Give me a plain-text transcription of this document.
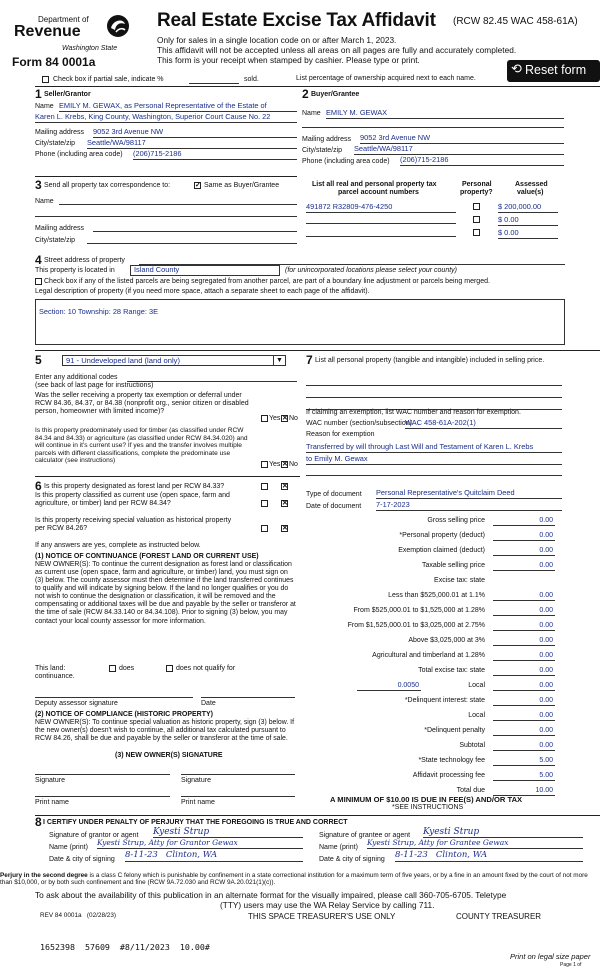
Department of
Revenue
Washington State
Form 84 0001a
Real Estate Excise Tax Affidavit (RCW 82.45 WAC 458-61A)
Only for sales in a single location code on or after March 1, 2023.
This affidavit will not be accepted unless all areas on all pages are fully and accurately completed.
This form is your receipt when stamped by cashier. Please type or print.
⟲ Reset form
Check box if partial sale, indicate %	sold.	List percentage of ownership acquired next to each name.
1 Seller/Grantor
Name EMILY M. GEWAX, as Personal Representative of the Estate of
Karen L. Krebs, King County, Washington, Superior Court Cause No. 22
Mailing address 9052 3rd Avenue NW
City/state/zip Seattle/WA/98117
Phone (including area code) (206)715-2186
2 Buyer/Grantee
Name EMILY M. GEWAX
Mailing address 9052 3rd Avenue NW
City/state/zip Seattle/WA/98117
Phone (including area code) (206)715-2186
3 Send all property tax correspondence to:	✓ Same as Buyer/Grantee
Name
Mailing address
City/state/zip
List all real and personal property tax
parcel account numbers
Personal
property?
Assessed
value(s)
491872 R32809-476-4250	$ 200,000.00
$ 0.00
$ 0.00
4 Street address of property
This property is located in	Island County	(for unincorporated locations please select your county)
Check box if any of the listed parcels are being segregated from another parcel, are part of a boundary line adjustment or parcels being merged.
Legal description of property (if you need more space, attach a separate sheet to each page of the affidavit).
Section: 10 Township: 28 Range: 3E
5	91 - Undeveloped land (land only)	▼
Enter any additional codes
(see back of last page for instructions)
Was the seller receiving a property tax exemption or deferral under RCW 84.36, 84.37, or 84.38 (nonprofit org., senior citizen or disabled person, homeowner with limited income)?
Yes ✕ No
Is this property predominately used for timber (as classified under RCW 84.34 and 84.33) or agriculture (as classified under RCW 84.34.020) and will continue in it's current use? If yes and the transfer involves multiple parcels with different classifications, complete the predominate use calculator (see instructions)
Yes ✕ No
6 Is this property designated as forest land per RCW 84.33?	✕
Is this property classified as current use (open space, farm and agriculture, or timber) land per RCW 84.34?	✕
Is this property receiving special valuation as historical property per RCW 84.26?	✕
If any answers are yes, complete as instructed below.
(1) NOTICE OF CONTINUANCE (FOREST LAND OR CURRENT USE)
NEW OWNER(S): To continue the current designation as forest land or classification as current use (open space, farm and agriculture, or timber) land, you must sign on (3) below. The county assessor must then determine if the land transferred continues to qualify and will indicate by signing below. If the land no longer qualifies or you do not wish to continue the designation or classification, it will be removed and the compensating or additional taxes will be due and payable by the seller or transferor at the time of sale (RCW 84.33.140 or 84.34.108). Prior to signing (3) below, you may contact your local county assessor for more information.
This land:
continuance.
does	does not qualify for
Deputy assessor signature	Date
(2) NOTICE OF COMPLIANCE (HISTORIC PROPERTY)
NEW OWNER(S): To continue special valuation as historic property, sign (3) below. If the new owner(s) doesn't wish to continue, all additional tax calculated pursuant to RCW 84.26, shall be due and payable by the seller or transferor at the time of sale.
(3) NEW OWNER(S) SIGNATURE
Signature	Signature
Print name	Print name
7 List all personal property (tangible and intangible) included in selling price.
If claiming an exemption, list WAC number and reason for exemption.
WAC number (section/subsection)
WAC 458-61A-202(1)
Reason for exemption
Transferred by will through Last Will and Testament of Karen L. Krebs
to Emily M. Gewax
Type of document Personal Representative's Quitclaim Deed
Date of document 7-17-2023
Gross selling price	0.00
*Personal property (deduct)	0.00
Exemption claimed (deduct)	0.00
Taxable selling price	0.00
Excise tax: state
Less than $525,000.01 at 1.1%	0.00
From $525,000.01 to $1,525,000 at 1.28%	0.00
From $1,525,000.01 to $3,025,000 at 2.75%	0.00
Above $3,025,000 at 3%	0.00
Agricultural and timberland at 1.28%	0.00
Total excise tax: state	0.00
0.0050	Local	0.00
*Delinquent interest: state	0.00
Local	0.00
*Delinquent penalty	0.00
Subtotal	0.00
*State technology fee	5.00
Affidavit processing fee	5.00
Total due	10.00
A MINIMUM OF $10.00 IS DUE IN FEE(S) AND/OR TAX
*SEE INSTRUCTIONS
8 I CERTIFY UNDER PENALTY OF PERJURY THAT THE FOREGOING IS TRUE AND CORRECT
Signature of grantor or agent Kyesti Strup
Name (print)
Kyesti Strup, Atty for Grantor Gewax
Date & city of signing 8-11-23   Clinton, WA
Signature of grantee or agent Kyesti Strup
Name (print)
Kyesti Strup, Atty for Grantee Gewax
Date & city of signing 8-11-23   Clinton, WA
Perjury in the second degree is a class C felony which is punishable by confinement in a state correctional institution for a maximum term of five years, or by a fine in an amount fixed by the court of not more than $10,000, or by both such confinement and fine (RCW 9A.72.030 and RCW 9A.20.021(1)(c)).
To ask about the availability of this publication in an alternate format for the visually impaired, please call 360-705-6705. Teletype
(TTY) users may use the WA Relay Service by calling 711.
REV 84 0001a   (02/28/23)	THIS SPACE TREASURER'S USE ONLY	COUNTY TREASURER
1652398  57609  #8/11/2023  10.00#
Print on legal size paper
Page 1 of
